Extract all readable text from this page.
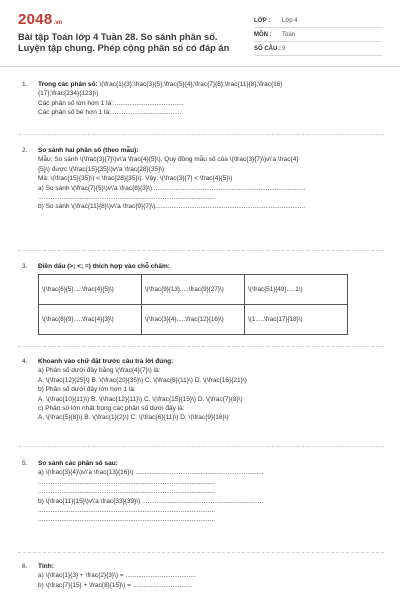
2048.vn
Bài tập Toán lớp 4 Tuần 28. So sánh phân số. Luyện tập chung. Phép cộng phân số có đáp án
LỚP : Lớp 4
MÔN : Toán
SỐ CÂU : 9
1. Trong các phân số: \(\frac{1}{3};\frac{3}{5};\frac{5}{4};\frac{7}{8};\frac{11}{8};\frac{16}
{17};\frac{234}{123}\)
Các phân số lớn hơn 1 là: ......................................
Các phân số bé hơn 1 là: ......................................
2. So sánh hai phân số (theo mẫu):
Mẫu: So sánh \(\frac{3}{7}\)v\'a \frac{4}{5}\). Quy đồng mẫu số của \(\frac{3}{7}\)v\'a \frac{4}
{5}\) được \(\frac{15}{35}\)v\'a \frac{28}{35}\)
Mà: \(\frac{15}{35}\) < \frac{28}{35}\). Vậy: \(\frac{3}{7} < \frac{4}{5}\)
a) So sánh \(\frac{7}{5}\)v\'a \frac{8}{3}\) ....................................................................................
..................................................................................................
b) So sánh \(\frac{11}{8}\)v\'a \frac{9}{7}\)...................................................................................
3. Điền dấu (>; <; =) thích hợp vào chỗ chấm:
\(\frac{6}{5}.....\frac{4}{5}\)	\(\frac{9}{13}.....\frac{9}{27}\)	\(\frac{51}{49}.....1\)
\(\frac{8}{9}.....\frac{4}{3}\)	\(\frac{3}{4}.....\frac{12}{16}\)	\(1.....\frac{17}{18}\)
4. Khoanh vào chữ đặt trước câu trả lời đúng:
a) Phân số dưới đây bằng \(\frac{4}{7}\) là:
A. \(\frac{12}{25}\) B. \(\frac{20}{35}\) C. \(\frac{8}{11}\) D. \(\frac{16}{21}\)
b) Phân số dưới đây lớn hơn 1 là:
A. \(\frac{10}{11}\) B. \(\frac{12}{11}\) C. \(\frac{15}{15}\) D. \(\frac{7}{8}\)
c) Phân số lớn nhất trong các phân số dưới đây là:
A. \(\frac{5}{8}\) B. \(\frac{1}{2}\) C. \(\frac{6}{11}\) D. \(\frac{9}{16}\)
5. So sánh các phân số sau:
a) \(\frac{3}{4}\)v\'a \frac{13}{16}\) .......................................................................
..................................................................................................
..................................................................................................
b) \(\frac{11}{15}\)v\'a \frac{33}{39}\) ...................................................................
..................................................................................................
..................................................................................................
6. Tính:
a) \(\frac{1}{3} + \frac{2}{3}\) = .......................................
b) \(\frac{7}{15} + \frac{8}{15}\) = .................................
